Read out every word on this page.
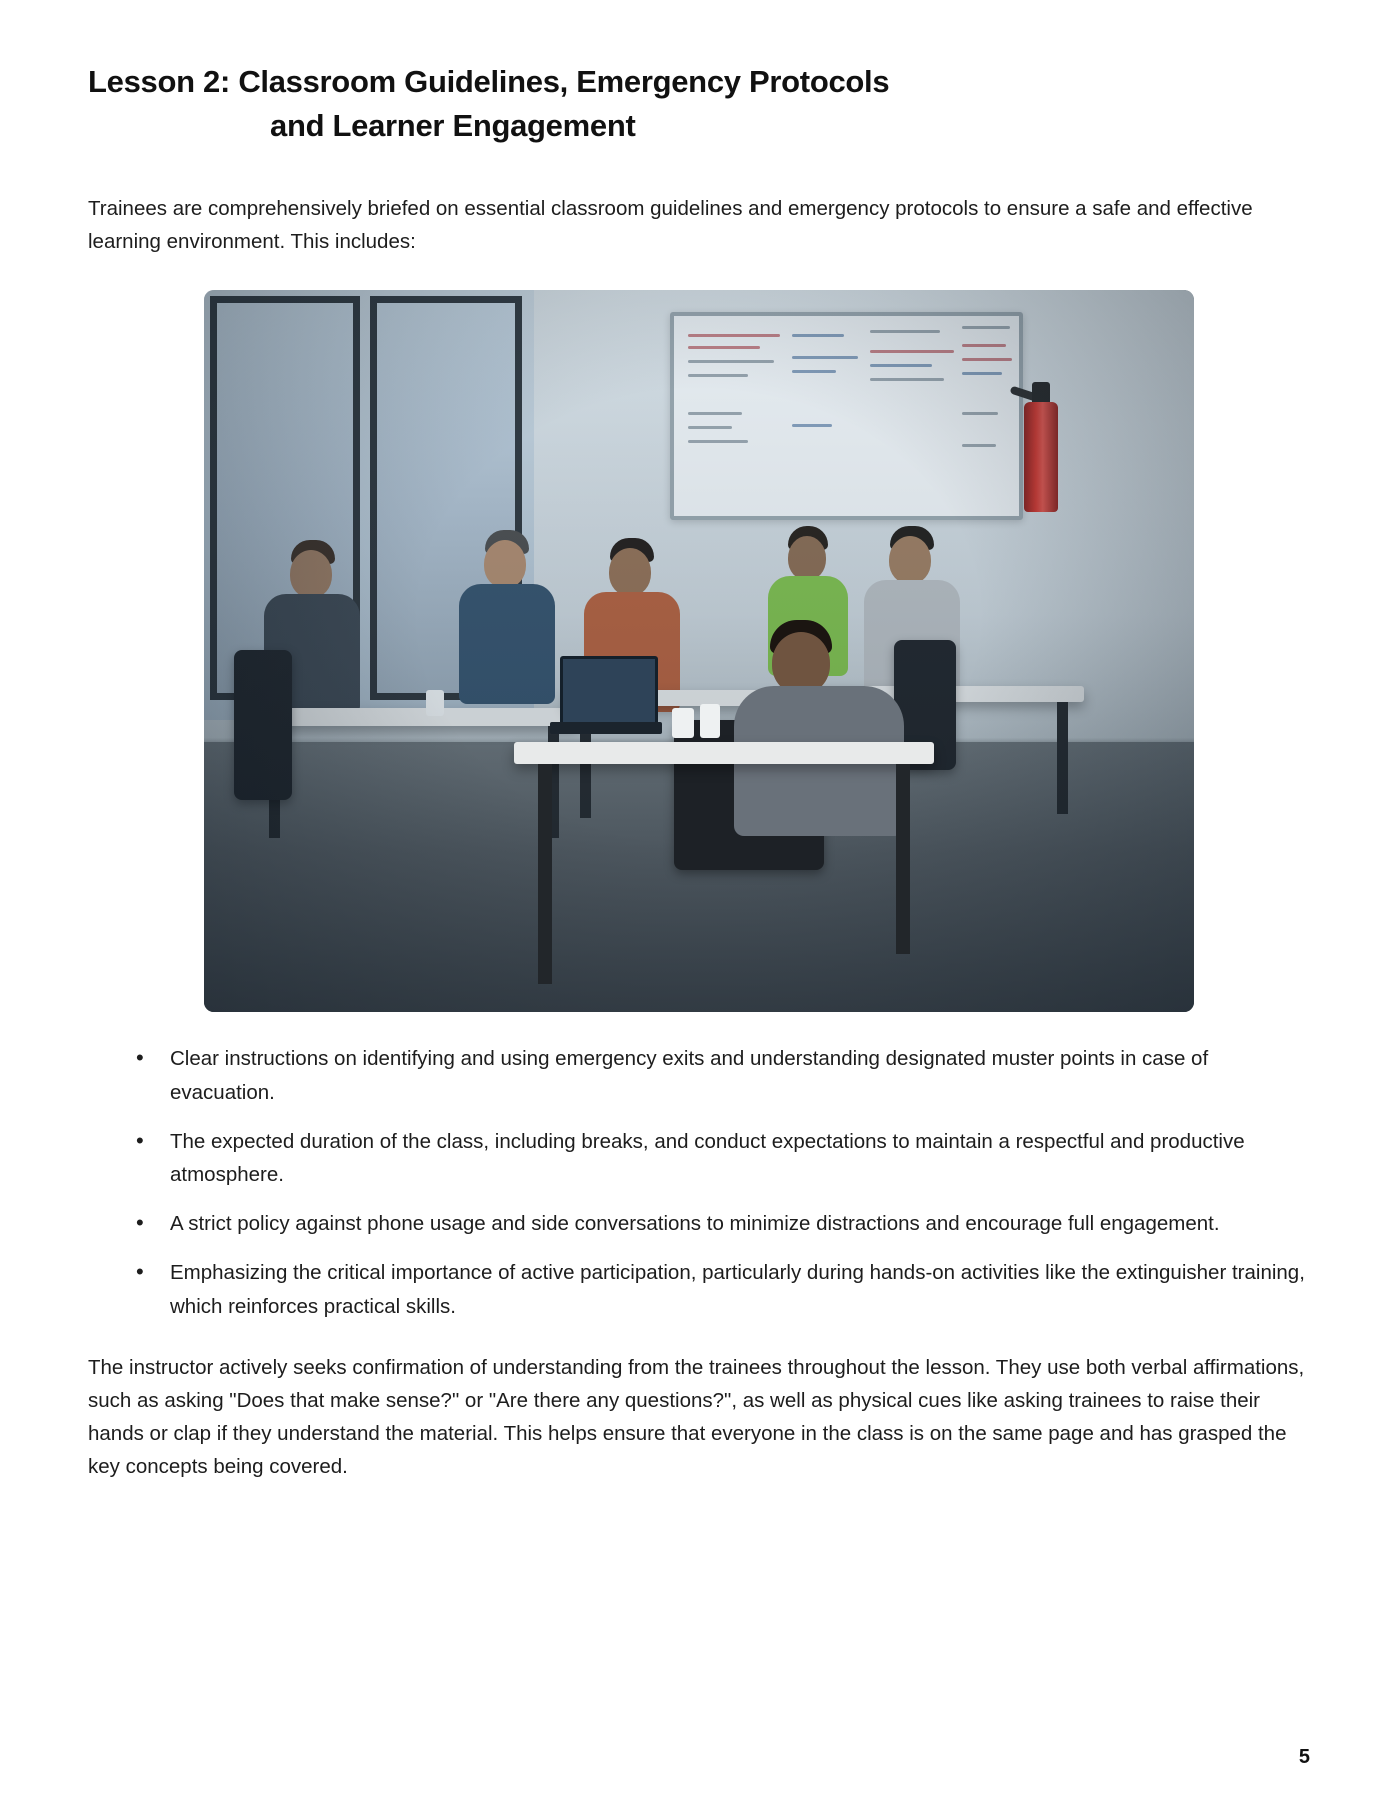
Lesson 2: Classroom Guidelines, Emergency Protocols
and Learner Engagement

Trainees are comprehensively briefed on essential classroom guidelines and emergency protocols to ensure a safe and effective learning environment. This includes:

• Clear instructions on identifying and using emergency exits and understanding designated muster points in case of evacuation.
• The expected duration of the class, including breaks, and conduct expectations to maintain a respectful and productive atmosphere.
• A strict policy against phone usage and side conversations to minimize distractions and encourage full engagement.
• Emphasizing the critical importance of active participation, particularly during hands-on activities like the extinguisher training, which reinforces practical skills.

The instructor actively seeks confirmation of understanding from the trainees throughout the lesson. They use both verbal affirmations, such as asking "Does that make sense?" or "Are there any questions?", as well as physical cues like asking trainees to raise their hands or clap if they understand the material. This helps ensure that everyone in the class is on the same page and has grasped the key concepts being covered.

5
